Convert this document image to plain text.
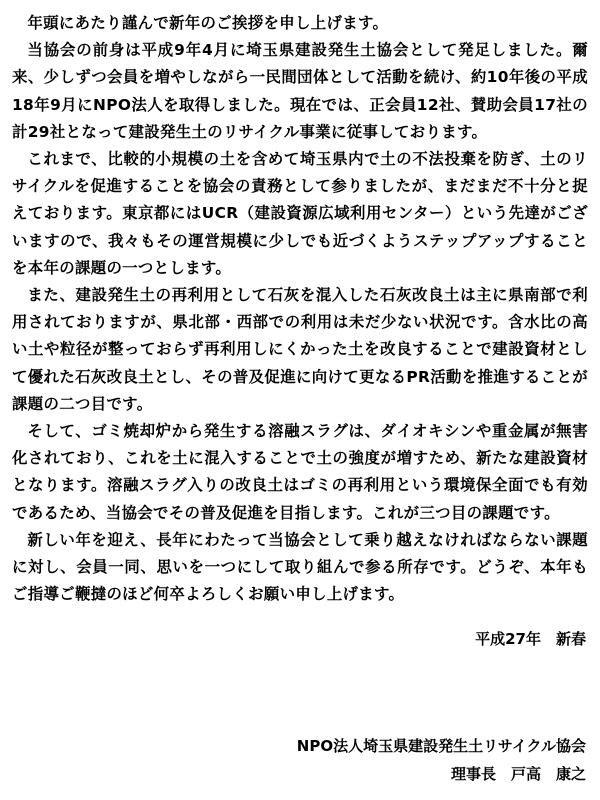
年頭にあたり謹んで新年のご挨拶を申し上げます。

当協会の前身は平成9年4月に埼玉県建設発生土協会として発足しました。爾来、少しずつ会員を増やしながら一民間団体として活動を続け、約10年後の平成18年9月にNPO法人を取得しました。現在では、正会員12社、賛助会員17社の計29社となって建設発生土のリサイクル事業に従事しております。

これまで、比較的小規模の土を含めて埼玉県内で土の不法投棄を防ぎ、土のリサイクルを促進することを協会の責務として参りましたが、まだまだ不十分と捉えております。東京都にはUCR（建設資源広域利用センター）という先達がございますので、我々もその運営規模に少しでも近づくようステップアップすることを本年の課題の一つとします。

また、建設発生土の再利用として石灰を混入した石灰改良土は主に県南部で利用されておりますが、県北部・西部での利用は未だ少ない状況です。含水比の高い土や粒径が整っておらず再利用しにくかった土を改良することで建設資材として優れた石灰改良土とし、その普及促進に向けて更なるPR活動を推進することが課題の二つ目です。

そして、ゴミ焼却炉から発生する溶融スラグは、ダイオキシンや重金属が無害化されており、これを土に混入することで土の強度が増すため、新たな建設資材となります。溶融スラグ入りの改良土はゴミの再利用という環境保全面でも有効であるため、当協会でその普及促進を目指します。これが三つ目の課題です。

新しい年を迎え、長年にわたって当協会として乗り越えなければならない課題に対し、会員一同、思いを一つにして取り組んで参る所存です。どうぞ、本年もご指導ご鞭撻のほど何卒よろしくお願い申し上げます。

平成27年　新春
NPO法人埼玉県建設発生土リサイクル協会
理事長　戸高　康之
